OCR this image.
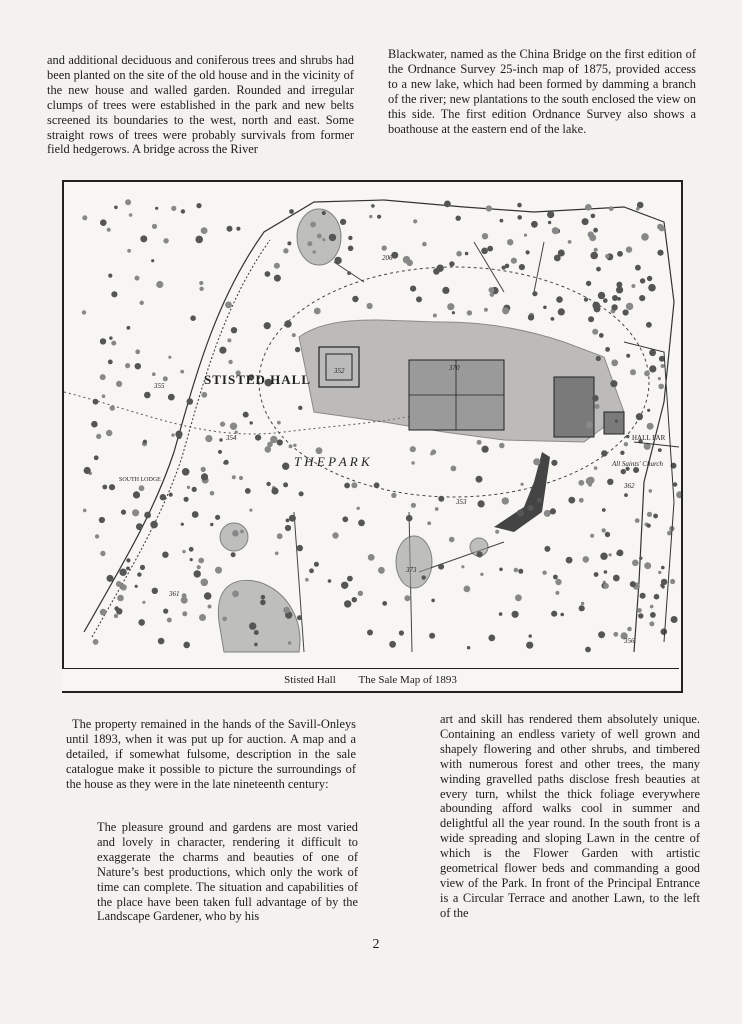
and additional deciduous and coniferous trees and shrubs had been planted on the site of the old house and in the vicinity of the new house and walled garden. Rounded and irregular clumps of trees were established in the park and new belts screened its boundaries to the west, north and east. Some straight rows of trees were probably survivals from former field hedgerows. A bridge across the River

Blackwater, named as the China Bridge on the first edition of the Ordnance Survey 25-inch map of 1875, provided access to a new lake, which had been formed by damming a branch of the river; new plantations to the south enclosed the view on this side. The first edition Ordnance Survey also shows a boathouse at the eastern end of the lake.

STISTED HALL
T H E P A R K
SOUTH LODGE
HALL FAR
All Saints' Church
206
354
353
361
362
373
370
355
356
352
Stisted Hall The Sale Map of 1893

The property remained in the hands of the Savill-Onleys until 1893, when it was put up for auction. A map and a detailed, if somewhat fulsome, description in the sale catalogue make it possible to picture the surroundings of the house as they were in the late nineteenth century:

The pleasure ground and gardens are most varied and lovely in character, rendering it difficult to exaggerate the charms and beauties of one of Nature’s best productions, which only the work of time can complete. The situation and capabilities of the place have been taken full advantage of by the Landscape Gardener, who by his

art and skill has rendered them absolutely unique. Containing an endless variety of well grown and shapely flowering and other shrubs, and timbered with numerous forest and other trees, the many winding gravelled paths disclose fresh beauties at every turn, whilst the thick foliage everywhere abounding afford walks cool in summer and delightful all the year round. In the south front is a wide spreading and sloping Lawn in the centre of which is the Flower Garden with artistic geometrical flower beds and commanding a good view of the Park. In front of the Principal Entrance is a Circular Terrace and another Lawn, to the left of the

2
